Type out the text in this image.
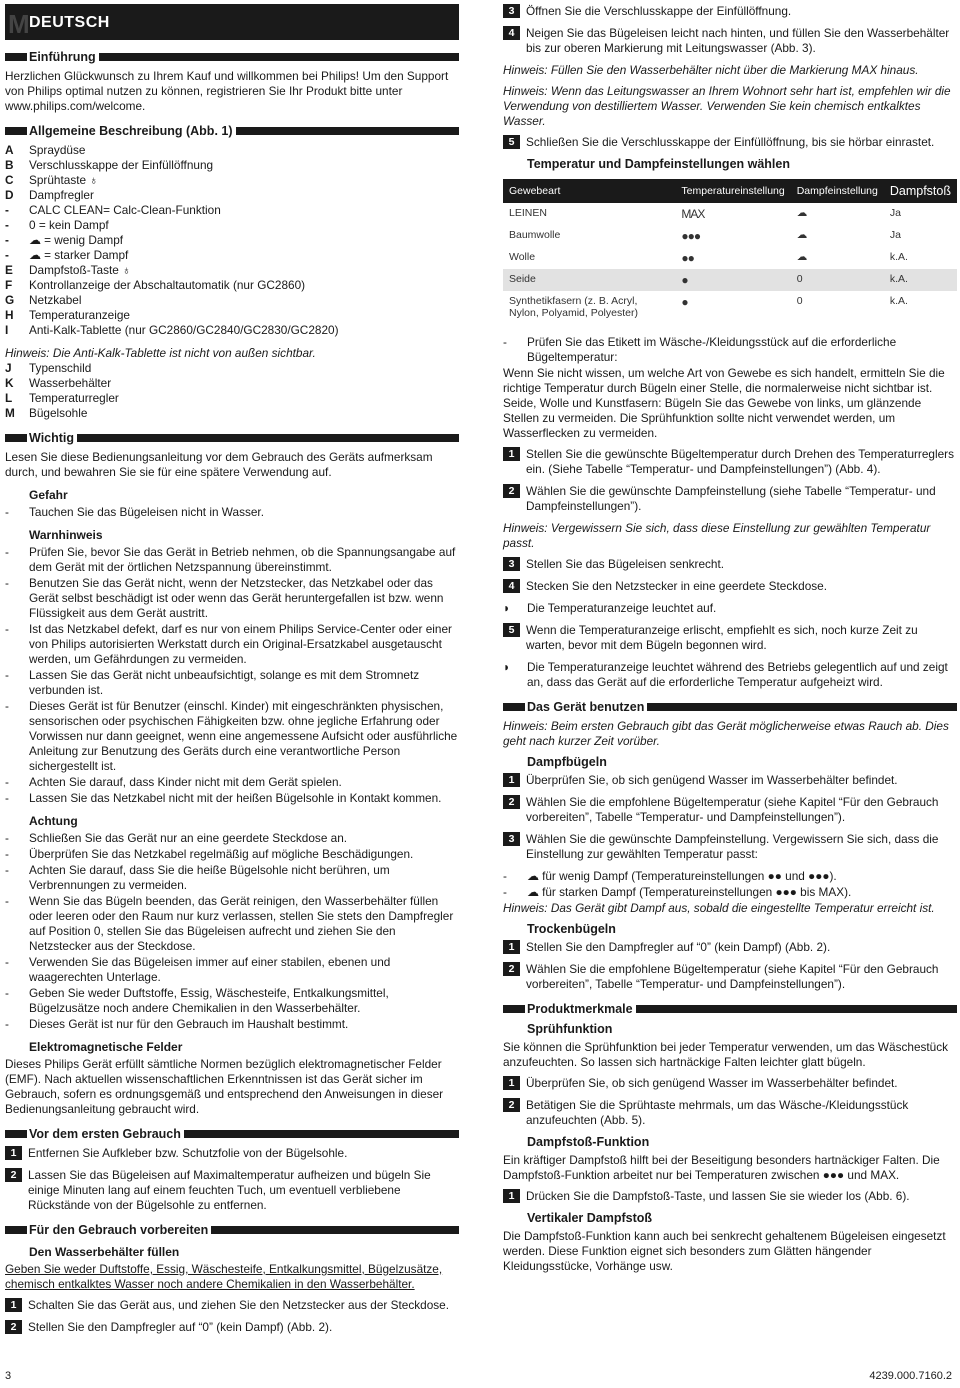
M DEUTSCH
Einführung
Herzlichen Glückwunsch zu Ihrem Kauf und willkommen bei Philips! Um den Support von Philips optimal nutzen zu können, registrieren Sie Ihr Produkt bitte unter www.philips.com/welcome.
Allgemeine Beschreibung (Abb. 1)
A	Spraydüse
B	Verschlusskappe der Einfüllöffnung
C	Sprühtaste ♁
D	Dampfregler
-	CALC CLEAN= Calc-Clean-Funktion
-	0 = kein Dampf
-	☁ = wenig Dampf
-	☁ = starker Dampf
E	Dampfstoß-Taste ♁
F	Kontrollanzeige der Abschaltautomatik (nur GC2860)
G	Netzkabel
H	Temperaturanzeige
I	Anti-Kalk-Tablette (nur GC2860/GC2840/GC2830/GC2820)
Hinweis: Die Anti-Kalk-Tablette ist nicht von außen sichtbar.
J	Typenschild
K	Wasserbehälter
L	Temperaturregler
M	Bügelsohle
Wichtig
Lesen Sie diese Bedienungsanleitung vor dem Gebrauch des Geräts aufmerksam durch, und bewahren Sie sie für eine spätere Verwendung auf.
Gefahr
-	Tauchen Sie das Bügeleisen nicht in Wasser.
Warnhinweis
-	Prüfen Sie, bevor Sie das Gerät in Betrieb nehmen, ob die Spannungsangabe auf dem Gerät mit der örtlichen Netzspannung übereinstimmt.
-	Benutzen Sie das Gerät nicht, wenn der Netzstecker, das Netzkabel oder das Gerät selbst beschädigt ist oder wenn das Gerät heruntergefallen ist bzw. wenn Flüssigkeit aus dem Gerät austritt.
-	Ist das Netzkabel defekt, darf es nur von einem Philips Service-Center oder einer von Philips autorisierten Werkstatt durch ein Original-Ersatzkabel ausgetauscht werden, um Gefährdungen zu vermeiden.
-	Lassen Sie das Gerät nicht unbeaufsichtigt, solange es mit dem Stromnetz verbunden ist.
-	Dieses Gerät ist für Benutzer (einschl. Kinder) mit eingeschränkten physischen, sensorischen oder psychischen Fähigkeiten bzw. ohne jegliche Erfahrung oder Vorwissen nur dann geeignet, wenn eine angemessene Aufsicht oder ausführliche Anleitung zur Benutzung des Geräts durch eine verantwortliche Person sichergestellt ist.
-	Achten Sie darauf, dass Kinder nicht mit dem Gerät spielen.
-	Lassen Sie das Netzkabel nicht mit der heißen Bügelsohle in Kontakt kommen.
Achtung
-	Schließen Sie das Gerät nur an eine geerdete Steckdose an.
-	Überprüfen Sie das Netzkabel regelmäßig auf mögliche Beschädigungen.
-	Achten Sie darauf, dass Sie die heiße Bügelsohle nicht berühren, um Verbrennungen zu vermeiden.
-	Wenn Sie das Bügeln beenden, das Gerät reinigen, den Wasserbehälter füllen oder leeren oder den Raum nur kurz verlassen, stellen Sie stets den Dampfregler auf Position 0, stellen Sie das Bügeleisen aufrecht und ziehen Sie den Netzstecker aus der Steckdose.
-	Verwenden Sie das Bügeleisen immer auf einer stabilen, ebenen und waagerechten Unterlage.
-	Geben Sie weder Duftstoffe, Essig, Wäschesteife, Entkalkungsmittel, Bügelzusätze noch andere Chemikalien in den Wasserbehälter.
-	Dieses Gerät ist nur für den Gebrauch im Haushalt bestimmt.
Elektromagnetische Felder
Dieses Philips Gerät erfüllt sämtliche Normen bezüglich elektromagnetischer Felder (EMF). Nach aktuellen wissenschaftlichen Erkenntnissen ist das Gerät sicher im Gebrauch, sofern es ordnungsgemäß und entsprechend den Anweisungen in dieser Bedienungsanleitung gebraucht wird.
Vor dem ersten Gebrauch
1 Entfernen Sie Aufkleber bzw. Schutzfolie von der Bügelsohle.
2 Lassen Sie das Bügeleisen auf Maximaltemperatur aufheizen und bügeln Sie einige Minuten lang auf einem feuchten Tuch, um eventuell verbliebene Rückstände von der Bügelsohle zu entfernen.
Für den Gebrauch vorbereiten
Den Wasserbehälter füllen
Geben Sie weder Duftstoffe, Essig, Wäschesteife, Entkalkungsmittel, Bügelzusätze, chemisch entkalktes Wasser noch andere Chemikalien in den Wasserbehälter.
1 Schalten Sie das Gerät aus, und ziehen Sie den Netzstecker aus der Steckdose.
2 Stellen Sie den Dampfregler auf “0” (kein Dampf) (Abb. 2).
3 Öffnen Sie die Verschlusskappe der Einfüllöffnung.
4 Neigen Sie das Bügeleisen leicht nach hinten, und füllen Sie den Wasserbehälter bis zur oberen Markierung mit Leitungswasser (Abb. 3).
Hinweis: Füllen Sie den Wasserbehälter nicht über die Markierung MAX hinaus.
Hinweis: Wenn das Leitungswasser an Ihrem Wohnort sehr hart ist, empfehlen wir die Verwendung von destilliertem Wasser. Verwenden Sie kein chemisch entkalktes Wasser.
5 Schließen Sie die Verschlusskappe der Einfüllöffnung, bis sie hörbar einrastet.
Temperatur und Dampfeinstellungen wählen
Gewebeart	Temperatureinstellung	Dampfeinstellung	Dampfstoß
LEINEN	MAX	☁	Ja
Baumwolle	●●●	☁	Ja
Wolle	●●	☁	k.A.
Seide	●	0	k.A.
Synthetikfasern (z. B. Acryl, Nylon, Polyamid, Polyester)	●	0	k.A.
-	Prüfen Sie das Etikett im Wäsche-/Kleidungsstück auf die erforderliche Bügeltemperatur:
Wenn Sie nicht wissen, um welche Art von Gewebe es sich handelt, ermitteln Sie die richtige Temperatur durch Bügeln einer Stelle, die normalerweise nicht sichtbar ist.
Seide, Wolle und Kunstfasern: Bügeln Sie das Gewebe von links, um glänzende Stellen zu vermeiden. Die Sprühfunktion sollte nicht verwendet werden, um Wasserflecken zu vermeiden.
1 Stellen Sie die gewünschte Bügeltemperatur durch Drehen des Temperaturreglers ein. (Siehe Tabelle “Temperatur- und Dampfeinstellungen”) (Abb. 4).
2 Wählen Sie die gewünschte Dampfeinstellung (siehe Tabelle “Temperatur- und Dampfeinstellungen”).
Hinweis: Vergewissern Sie sich, dass diese Einstellung zur gewählten Temperatur passt.
3 Stellen Sie das Bügeleisen senkrecht.
4 Stecken Sie den Netzstecker in eine geerdete Steckdose.
◗	Die Temperaturanzeige leuchtet auf.
5 Wenn die Temperaturanzeige erlischt, empfiehlt es sich, noch kurze Zeit zu warten, bevor mit dem Bügeln begonnen wird.
◗	Die Temperaturanzeige leuchtet während des Betriebs gelegentlich auf und zeigt an, dass das Gerät auf die erforderliche Temperatur aufgeheizt wird.
Das Gerät benutzen
Hinweis: Beim ersten Gebrauch gibt das Gerät möglicherweise etwas Rauch ab. Dies geht nach kurzer Zeit vorüber.
Dampfbügeln
1 Überprüfen Sie, ob sich genügend Wasser im Wasserbehälter befindet.
2 Wählen Sie die empfohlene Bügeltemperatur (siehe Kapitel “Für den Gebrauch vorbereiten”, Tabelle “Temperatur- und Dampfeinstellungen”).
3 Wählen Sie die gewünschte Dampfeinstellung. Vergewissern Sie sich, dass die Einstellung zur gewählten Temperatur passt:
-	☁ für wenig Dampf (Temperatureinstellungen ●● und ●●●).
-	☁ für starken Dampf (Temperatureinstellungen ●●● bis MAX).
Hinweis: Das Gerät gibt Dampf aus, sobald die eingestellte Temperatur erreicht ist.
Trockenbügeln
1 Stellen Sie den Dampfregler auf “0” (kein Dampf) (Abb. 2).
2 Wählen Sie die empfohlene Bügeltemperatur (siehe Kapitel “Für den Gebrauch vorbereiten”, Tabelle “Temperatur- und Dampfeinstellungen”).
Produktmerkmale
Sprühfunktion
Sie können die Sprühfunktion bei jeder Temperatur verwenden, um das Wäschestück anzufeuchten. So lassen sich hartnäckige Falten leichter glatt bügeln.
1 Überprüfen Sie, ob sich genügend Wasser im Wasserbehälter befindet.
2 Betätigen Sie die Sprühtaste mehrmals, um das Wäsche-/Kleidungsstück anzufeuchten (Abb. 5).
Dampfstoß-Funktion
Ein kräftiger Dampfstoß hilft bei der Beseitigung besonders hartnäckiger Falten. Die Dampfstoß-Funktion arbeitet nur bei Temperaturen zwischen ●●● und MAX.
1 Drücken Sie die Dampfstoß-Taste, und lassen Sie sie wieder los (Abb. 6).
Vertikaler Dampfstoß
Die Dampfstoß-Funktion kann auch bei senkrecht gehaltenem Bügeleisen eingesetzt werden. Diese Funktion eignet sich besonders zum Glätten hängender Kleidungsstücke, Vorhänge usw.
3	4239.000.7160.2
